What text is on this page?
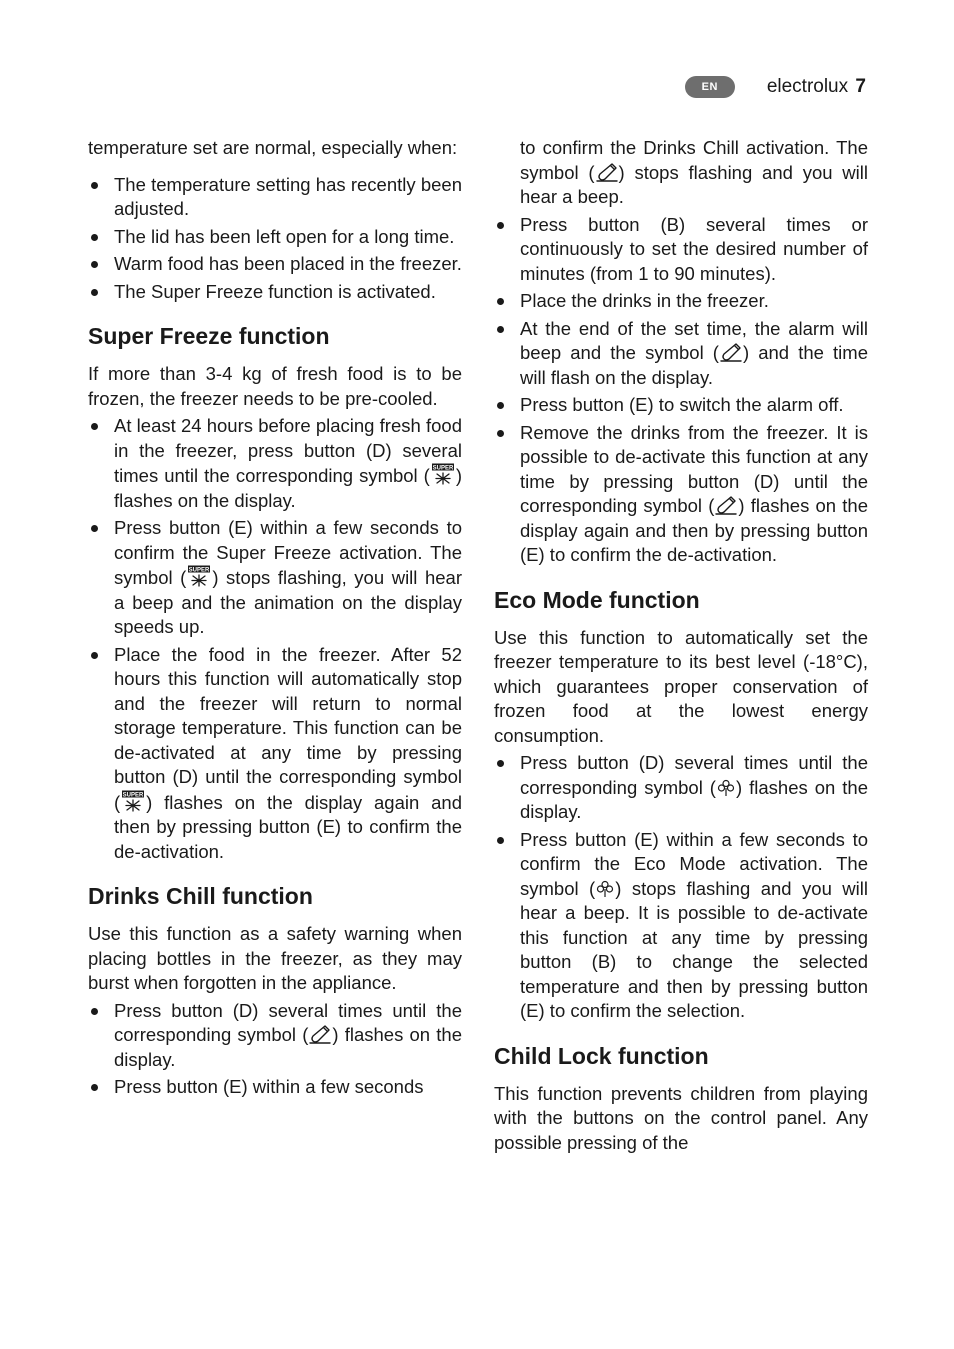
EN	electrolux 7

temperature set are normal, especially when:

The temperature setting has recently been adjusted.
The lid has been left open for a long time.
Warm food has been placed in the freezer.
The Super Freeze function is activated.
Super Freeze function

If more than 3-4 kg of fresh food is to be frozen, the freezer needs to be pre-cooled.

At least 24 hours before placing fresh food in the freezer, press button (D) several times until the corresponding symbol ( ) flashes on the display.
Press button (E) within a few seconds to confirm the Super Freeze activation. The symbol ( ) stops flashing, you will hear a beep and the animation on the display speeds up.
Place the food in the freezer. After 52 hours this function will automatically stop and the freezer will return to normal storage temperature. This function can be de-activated at any time by pressing button (D) until the corresponding symbol ( ) flashes on the display again and then by pressing button (E) to confirm the de-activation.
Drinks Chill function

Use this function as a safety warning when placing bottles in the freezer, as they may burst when forgotten in the appliance.

Press button (D) several times until the corresponding symbol ( ) flashes on the display.
Press button (E) within a few seconds
to confirm the Drinks Chill activation. The symbol ( ) stops flashing and you will hear a beep.
Press button (B) several times or continuously to set the desired number of minutes (from 1 to 90 minutes).
Place the drinks in the freezer.
At the end of the set time, the alarm will beep and the symbol ( ) and the time will flash on the display.
Press button (E) to switch the alarm off.
Remove the drinks from the freezer. It is possible to de-activate this function at any time by pressing button (D) until the corresponding symbol ( ) flashes on the display again and then by pressing button (E) to confirm the de-activation.
Eco Mode function

Use this function to automatically set the freezer temperature to its best level (-18°C), which guarantees proper conservation of frozen food at the lowest energy consumption.

Press button (D) several times until the corresponding symbol ( ) flashes on the display.
Press button (E) within a few seconds to confirm the Eco Mode activation. The symbol ( ) stops flashing and you will hear a beep. It is possible to de-activate this function at any time by pressing button (B) to change the selected temperature and then by pressing button (E) to confirm the selection.
Child Lock function

This function prevents children from playing with the buttons on the control panel. Any possible pressing of the
